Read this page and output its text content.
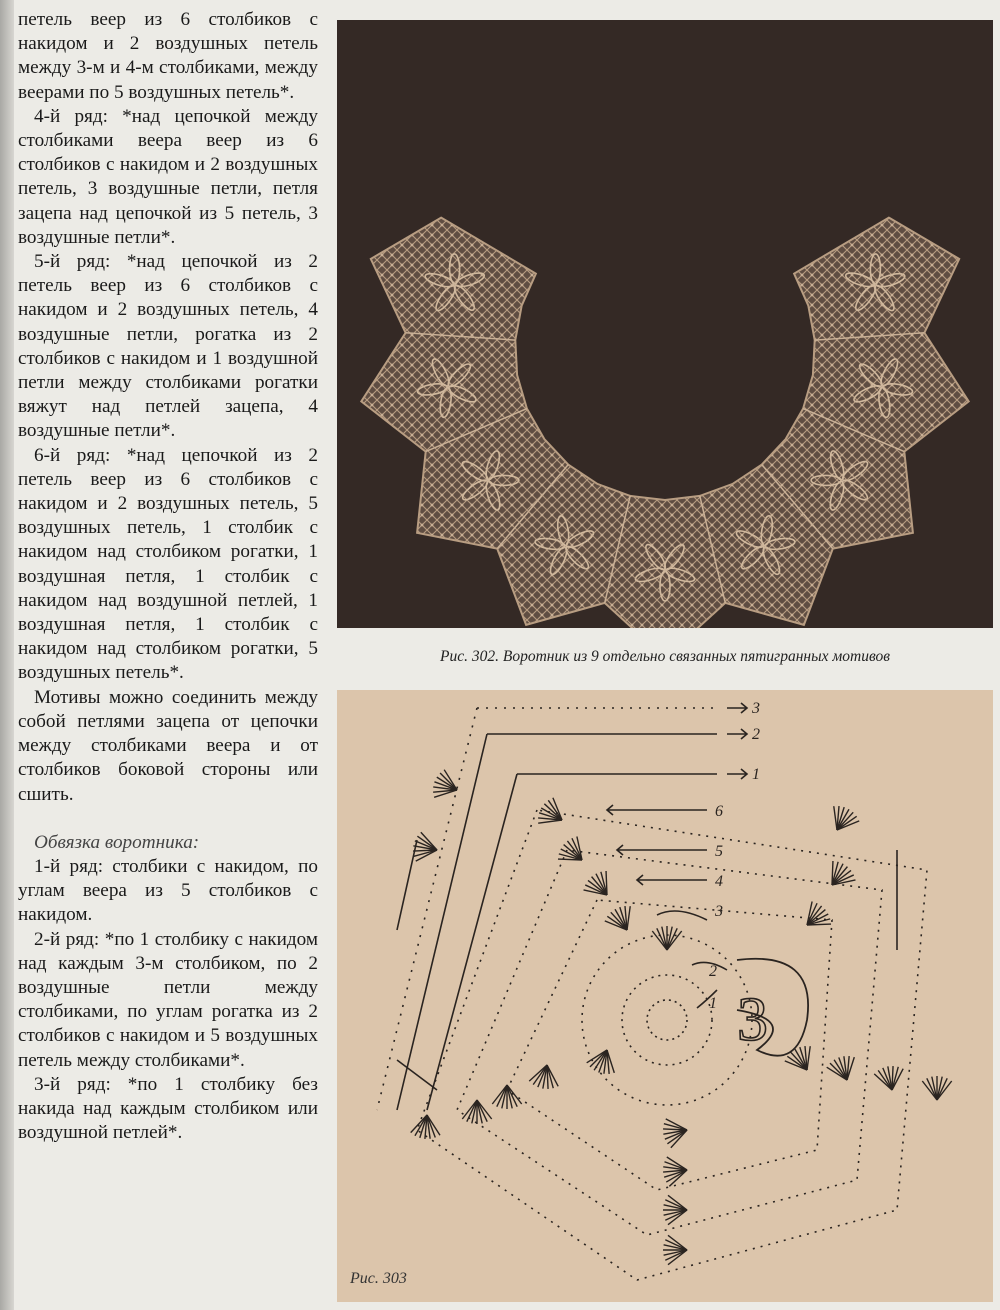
петель веер из 6 столбиков с накидом и 2 воздушных петель между 3-м и 4-м столбиками, между веерами по 5 воздушных петель*.

4-й ряд: *над цепочкой между столбиками веера веер из 6 столбиков с накидом и 2 воздушных петель, 3 воздушные петли, петля зацепа над цепочкой из 5 петель, 3 воздушные петли*.

5-й ряд: *над цепочкой из 2 петель веер из 6 столбиков с накидом и 2 воздушных петель, 4 воздушные петли, рогатка из 2 столбиков с накидом и 1 воздушной петли между столбиками рогатки вяжут над петлей зацепа, 4 воздушные петли*.

6-й ряд: *над цепочкой из 2 петель веер из 6 столбиков с накидом и 2 воздушных петель, 5 воздушных петель, 1 столбик с накидом над столбиком рогатки, 1 воздушная петля, 1 столбик с накидом над воздушной петлей, 1 воздушная петля, 1 столбик с накидом над столбиком рогатки, 5 воздушных петель*.

Мотивы можно соединить между собой петлями зацепа от цепочки между столбиками веера и от столбиков боковой стороны или сшить.

Обвязка воротника:

1-й ряд: столбики с накидом, по углам веера из 5 столбиков с накидом.

2-й ряд: *по 1 столбику с накидом над каждым 3-м столбиком, по 2 воздушные петли между столбиками, по углам рогатка из 2 столбиков с накидом и 5 воздушных петель между столбиками*.

3-й ряд: *по 1 столбику без накида над каждым столбиком или воздушной петлей*.

Рис. 302. Воротник из 9 отдельно связанных пятигранных мотивов
3
2
1
6
5
4
3
2
1 3
Рис. 303
